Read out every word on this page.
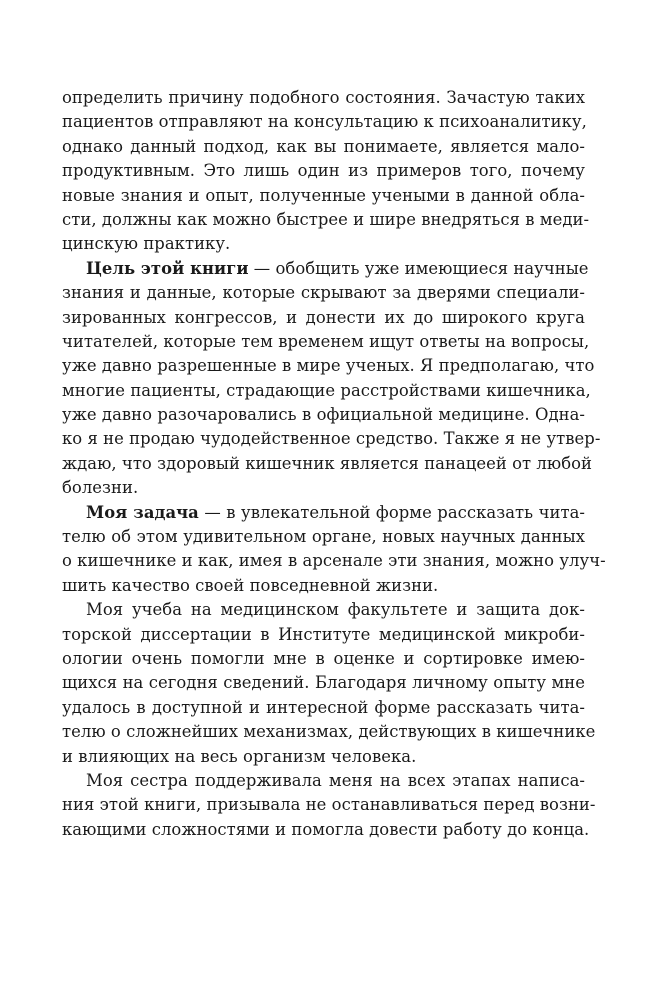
определить причину подобного состояния. Зачастую таких
пациентов отправляют на консультацию к психоаналитику,
однако данный подход, как вы понимаете, является мало-
продуктивным. Это лишь один из примеров того, почему
новые знания и опыт, полученные учеными в данной обла-
сти, должны как можно быстрее и шире внедряться в меди-
цинскую практику.
Цель этой книги — обобщить уже имеющиеся научные
знания и данные, которые скрывают за дверями специали-
зированных конгрессов, и донести их до широкого круга
читателей, которые тем временем ищут ответы на вопросы,
уже давно разрешенные в мире ученых. Я предполагаю, что
многие пациенты, страдающие расстройствами кишечника,
уже давно разочаровались в официальной медицине. Одна-
ко я не продаю чудодейственное средство. Также я не утвер-
ждаю, что здоровый кишечник является панацеей от любой
болезни.
Моя задача — в увлекательной форме рассказать чита-
телю об этом удивительном органе, новых научных данных
о кишечнике и как, имея в арсенале эти знания, можно улуч-
шить качество своей повседневной жизни.
Моя учеба на медицинском факультете и защита док-
торской диссертации в Институте медицинской микроби-
ологии очень помогли мне в оценке и сортировке имею-
щихся на сегодня сведений. Благодаря личному опыту мне
удалось в доступной и интересной форме рассказать чита-
телю о сложнейших механизмах, действующих в кишечнике
и влияющих на весь организм человека.
Моя сестра поддерживала меня на всех этапах написа-
ния этой книги, призывала не останавливаться перед возни-
кающими сложностями и помогла довести работу до конца.
